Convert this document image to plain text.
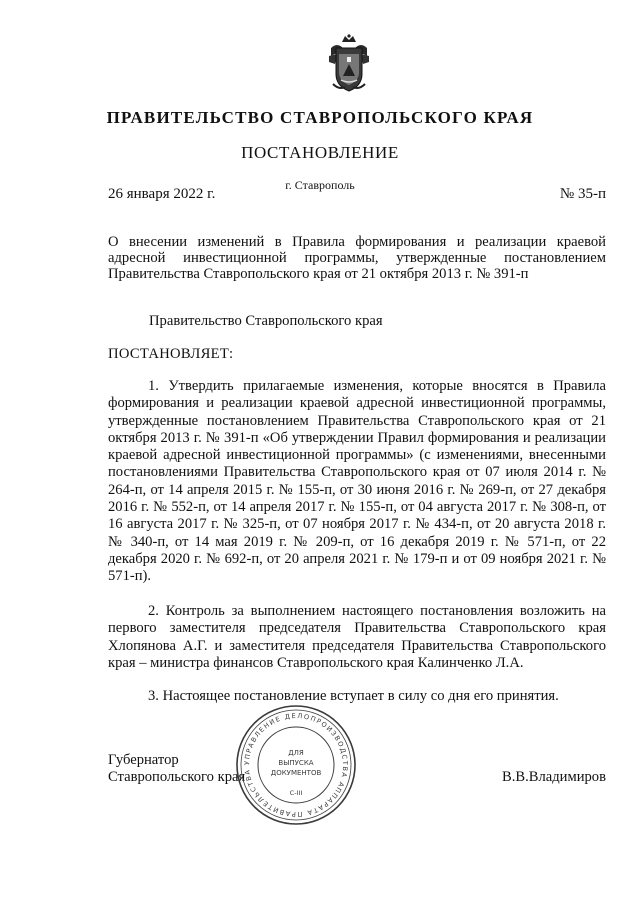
ПРАВИТЕЛЬСТВО СТАВРОПОЛЬСКОГО КРАЯ
ПОСТАНОВЛЕНИЕ
26 января 2022 г.
г. Ставрополь
№ 35-п
О внесении изменений в Правила формирования и реализации краевой адресной инвестиционной программы, утвержденные постановлением Правительства Ставропольского края от 21 октября 2013 г. № 391-п
Правительство Ставропольского края
ПОСТАНОВЛЯЕТ:
1. Утвердить прилагаемые изменения, которые вносятся в Правила формирования и реализации краевой адресной инвестиционной программы, утвержденные постановлением Правительства Ставропольского края от 21 октября 2013 г. № 391-п «Об утверждении Правил формирования и реализации краевой адресной инвестиционной программы» (с изменениями, внесенными постановлениями Правительства Ставропольского края от 07 июля 2014 г. № 264-п, от 14 апреля 2015 г. № 155-п, от 30 июня 2016 г. № 269-п, от 27 декабря 2016 г. № 552-п, от 14 апреля 2017 г. № 155-п, от 04 августа 2017 г. № 308-п, от 16 августа 2017 г. № 325-п, от 07 ноября 2017 г. № 434-п, от 20 августа 2018 г. № 340-п, от 14 мая 2019 г. № 209-п, от 16 декабря 2019 г. № 571-п, от 22 декабря 2020 г. № 692-п, от 20 апреля 2021 г. № 179-п и от 09 ноября 2021 г. № 571-п).
2. Контроль за выполнением настоящего постановления возложить на первого заместителя председателя Правительства Ставропольского края Хлопянова А.Г. и заместителя председателя Правительства Ставропольского края – министра финансов Ставропольского края Калинченко Л.А.
3. Настоящее постановление вступает в силу со дня его принятия.
Губернатор
Ставропольского края	В.В.Владимиров
УПРАВЛЕНИЕ ДЕЛОПРОИЗВОДСТВА АППАРАТА ПРАВИТЕЛЬСТВА
ДЛЯ
ВЫПУСКА
ДОКУМЕНТОВ
С-III
